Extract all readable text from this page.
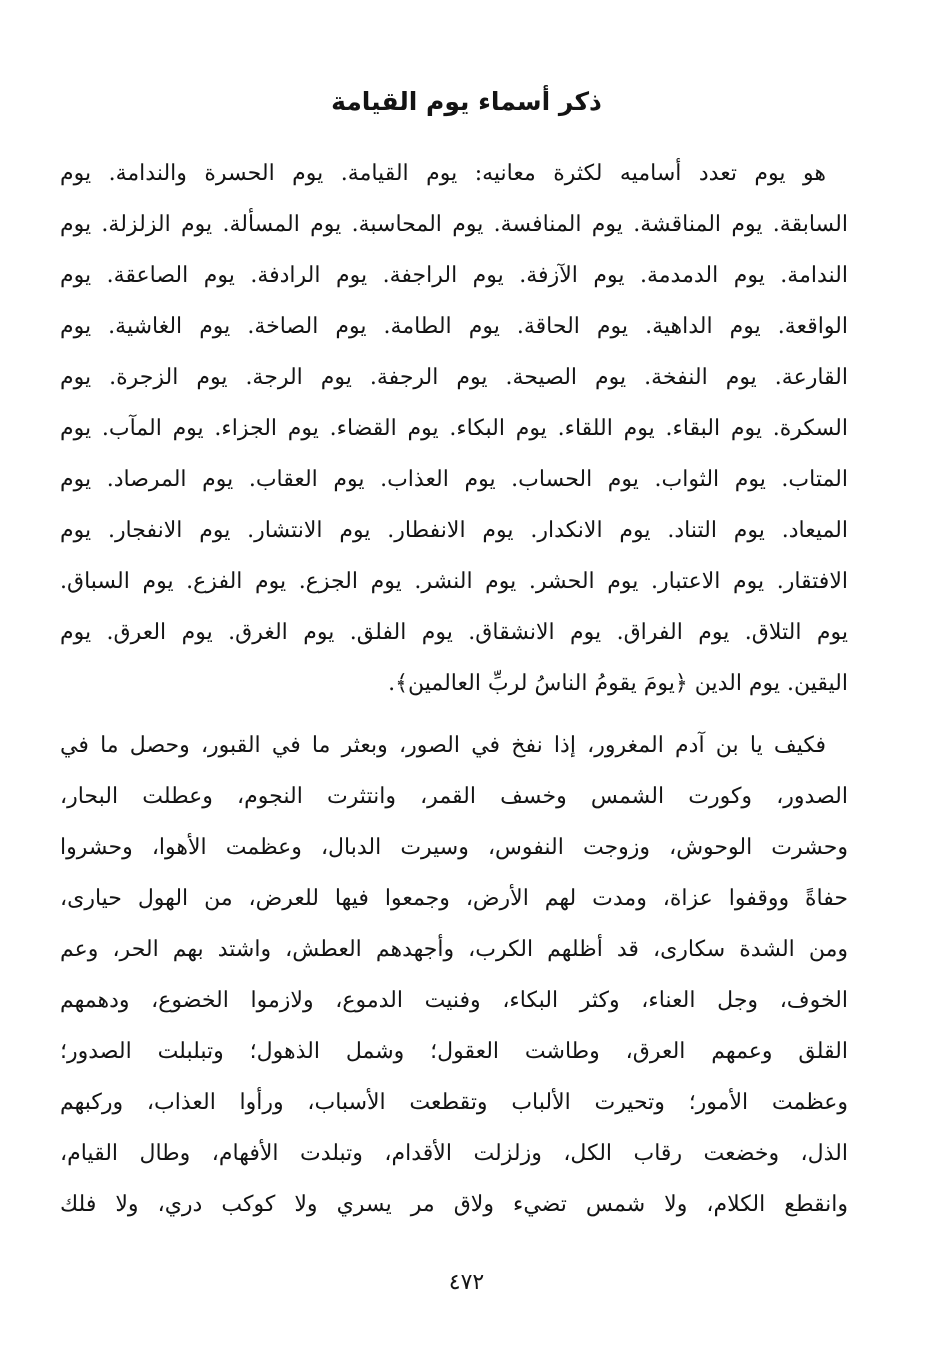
ذكر أسماء يوم القيامة
هو يوم تعدد أساميه لكثرة معانيه: يوم القيامة. يوم الحسرة والندامة. يوم
السابقة. يوم المناقشة. يوم المنافسة. يوم المحاسبة. يوم المسألة. يوم الزلزلة. يوم
الندامة. يوم الدمدمة. يوم الآزفة. يوم الراجفة. يوم الرادفة. يوم الصاعقة. يوم
الواقعة. يوم الداهية. يوم الحاقة. يوم الطامة. يوم الصاخة. يوم الغاشية. يوم
القارعة. يوم النفخة. يوم الصيحة. يوم الرجفة. يوم الرجة. يوم الزجرة. يوم
السكرة. يوم البقاء. يوم اللقاء. يوم البكاء. يوم القضاء. يوم الجزاء. يوم المآب. يوم
المتاب. يوم الثواب. يوم الحساب. يوم العذاب. يوم العقاب. يوم المرصاد. يوم
الميعاد. يوم التناد. يوم الانكدار. يوم الانفطار. يوم الانتشار. يوم الانفجار. يوم
الافتقار. يوم الاعتبار. يوم الحشر. يوم النشر. يوم الجزع. يوم الفزع. يوم السباق.
يوم التلاق. يوم الفراق. يوم الانشقاق. يوم الفلق. يوم الغرق. يوم العرق. يوم
اليقين. يوم الدين ﴿يومَ يقومُ الناسُ لربِّ العالمين﴾.
فكيف يا بن آدم المغرور، إذا نفخ في الصور، وبعثر ما في القبور، وحصل ما في
الصدور، وكورت الشمس وخسف القمر، وانتثرت النجوم، وعطلت البحار،
وحشرت الوحوش، وزوجت النفوس، وسيرت الدبال، وعظمت الأهوا، وحشروا
حفاةً ووقفوا عزاة، ومدت لهم الأرض، وجمعوا فيها للعرض، من الهول حيارى،
ومن الشدة سكارى، قد أظلهم الكرب، وأجهدهم العطش، واشتد بهم الحر، وعم
الخوف، وجل العناء، وكثر البكاء، وفنيت الدموع، ولازموا الخضوع، ودهمهم
القلق وعمهم العرق، وطاشت العقول؛ وشمل الذهول؛ وتبلبلت الصدور؛
وعظمت الأمور؛ وتحيرت الألباب وتقطعت الأسباب، ورأوا العذاب، وركبهم
الذل، وخضعت رقاب الكل، وزلزلت الأقدام، وتبلدت الأفهام، وطال القيام،
وانقطع الكلام، ولا شمس تضيء ولاق مر يسري ولا كوكب دري، ولا فلك
٤٧٢
